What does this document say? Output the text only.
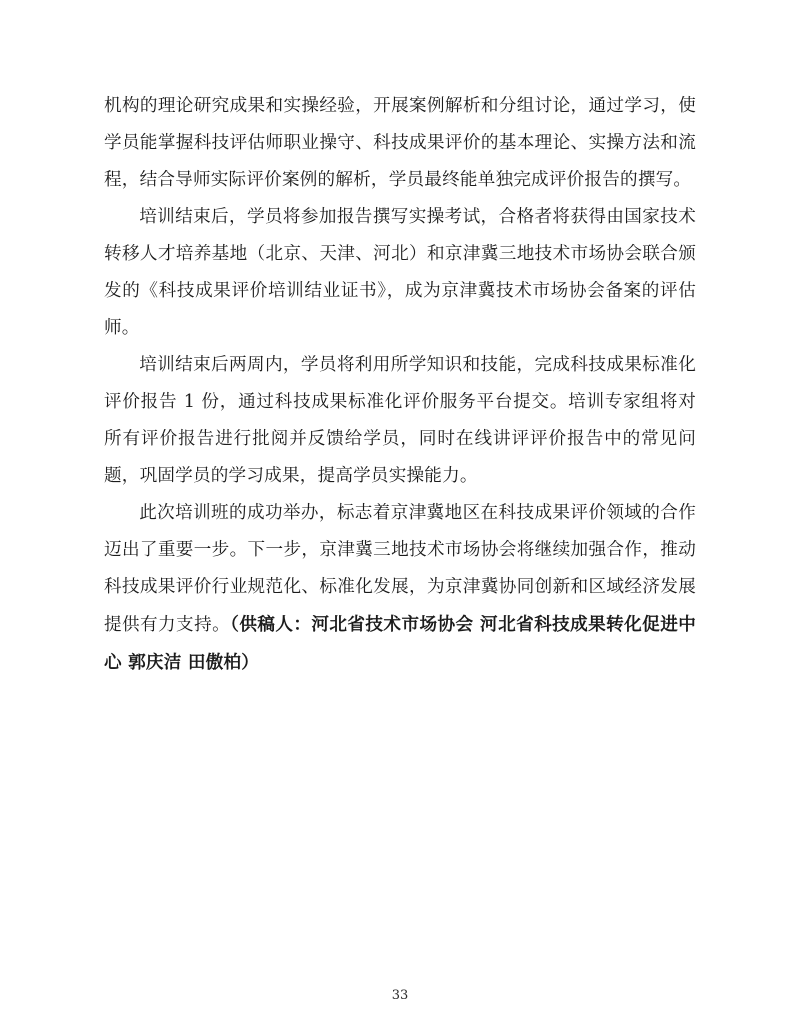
机构的理论研究成果和实操经验，开展案例解析和分组讨论，通过学习，使学员能掌握科技评估师职业操守、科技成果评价的基本理论、实操方法和流程，结合导师实际评价案例的解析，学员最终能单独完成评价报告的撰写。

培训结束后，学员将参加报告撰写实操考试，合格者将获得由国家技术转移人才培养基地（北京、天津、河北）和京津冀三地技术市场协会联合颁发的《科技成果评价培训结业证书》，成为京津冀技术市场协会备案的评估师。

培训结束后两周内，学员将利用所学知识和技能，完成科技成果标准化评价报告 1 份，通过科技成果标准化评价服务平台提交。培训专家组将对所有评价报告进行批阅并反馈给学员，同时在线讲评评价报告中的常见问题，巩固学员的学习成果，提高学员实操能力。

此次培训班的成功举办，标志着京津冀地区在科技成果评价领域的合作迈出了重要一步。下一步，京津冀三地技术市场协会将继续加强合作，推动科技成果评价行业规范化、标准化发展，为京津冀协同创新和区域经济发展提供有力支持。（供稿人：河北省技术市场协会 河北省科技成果转化促进中心 郭庆洁 田傲柏）

33
